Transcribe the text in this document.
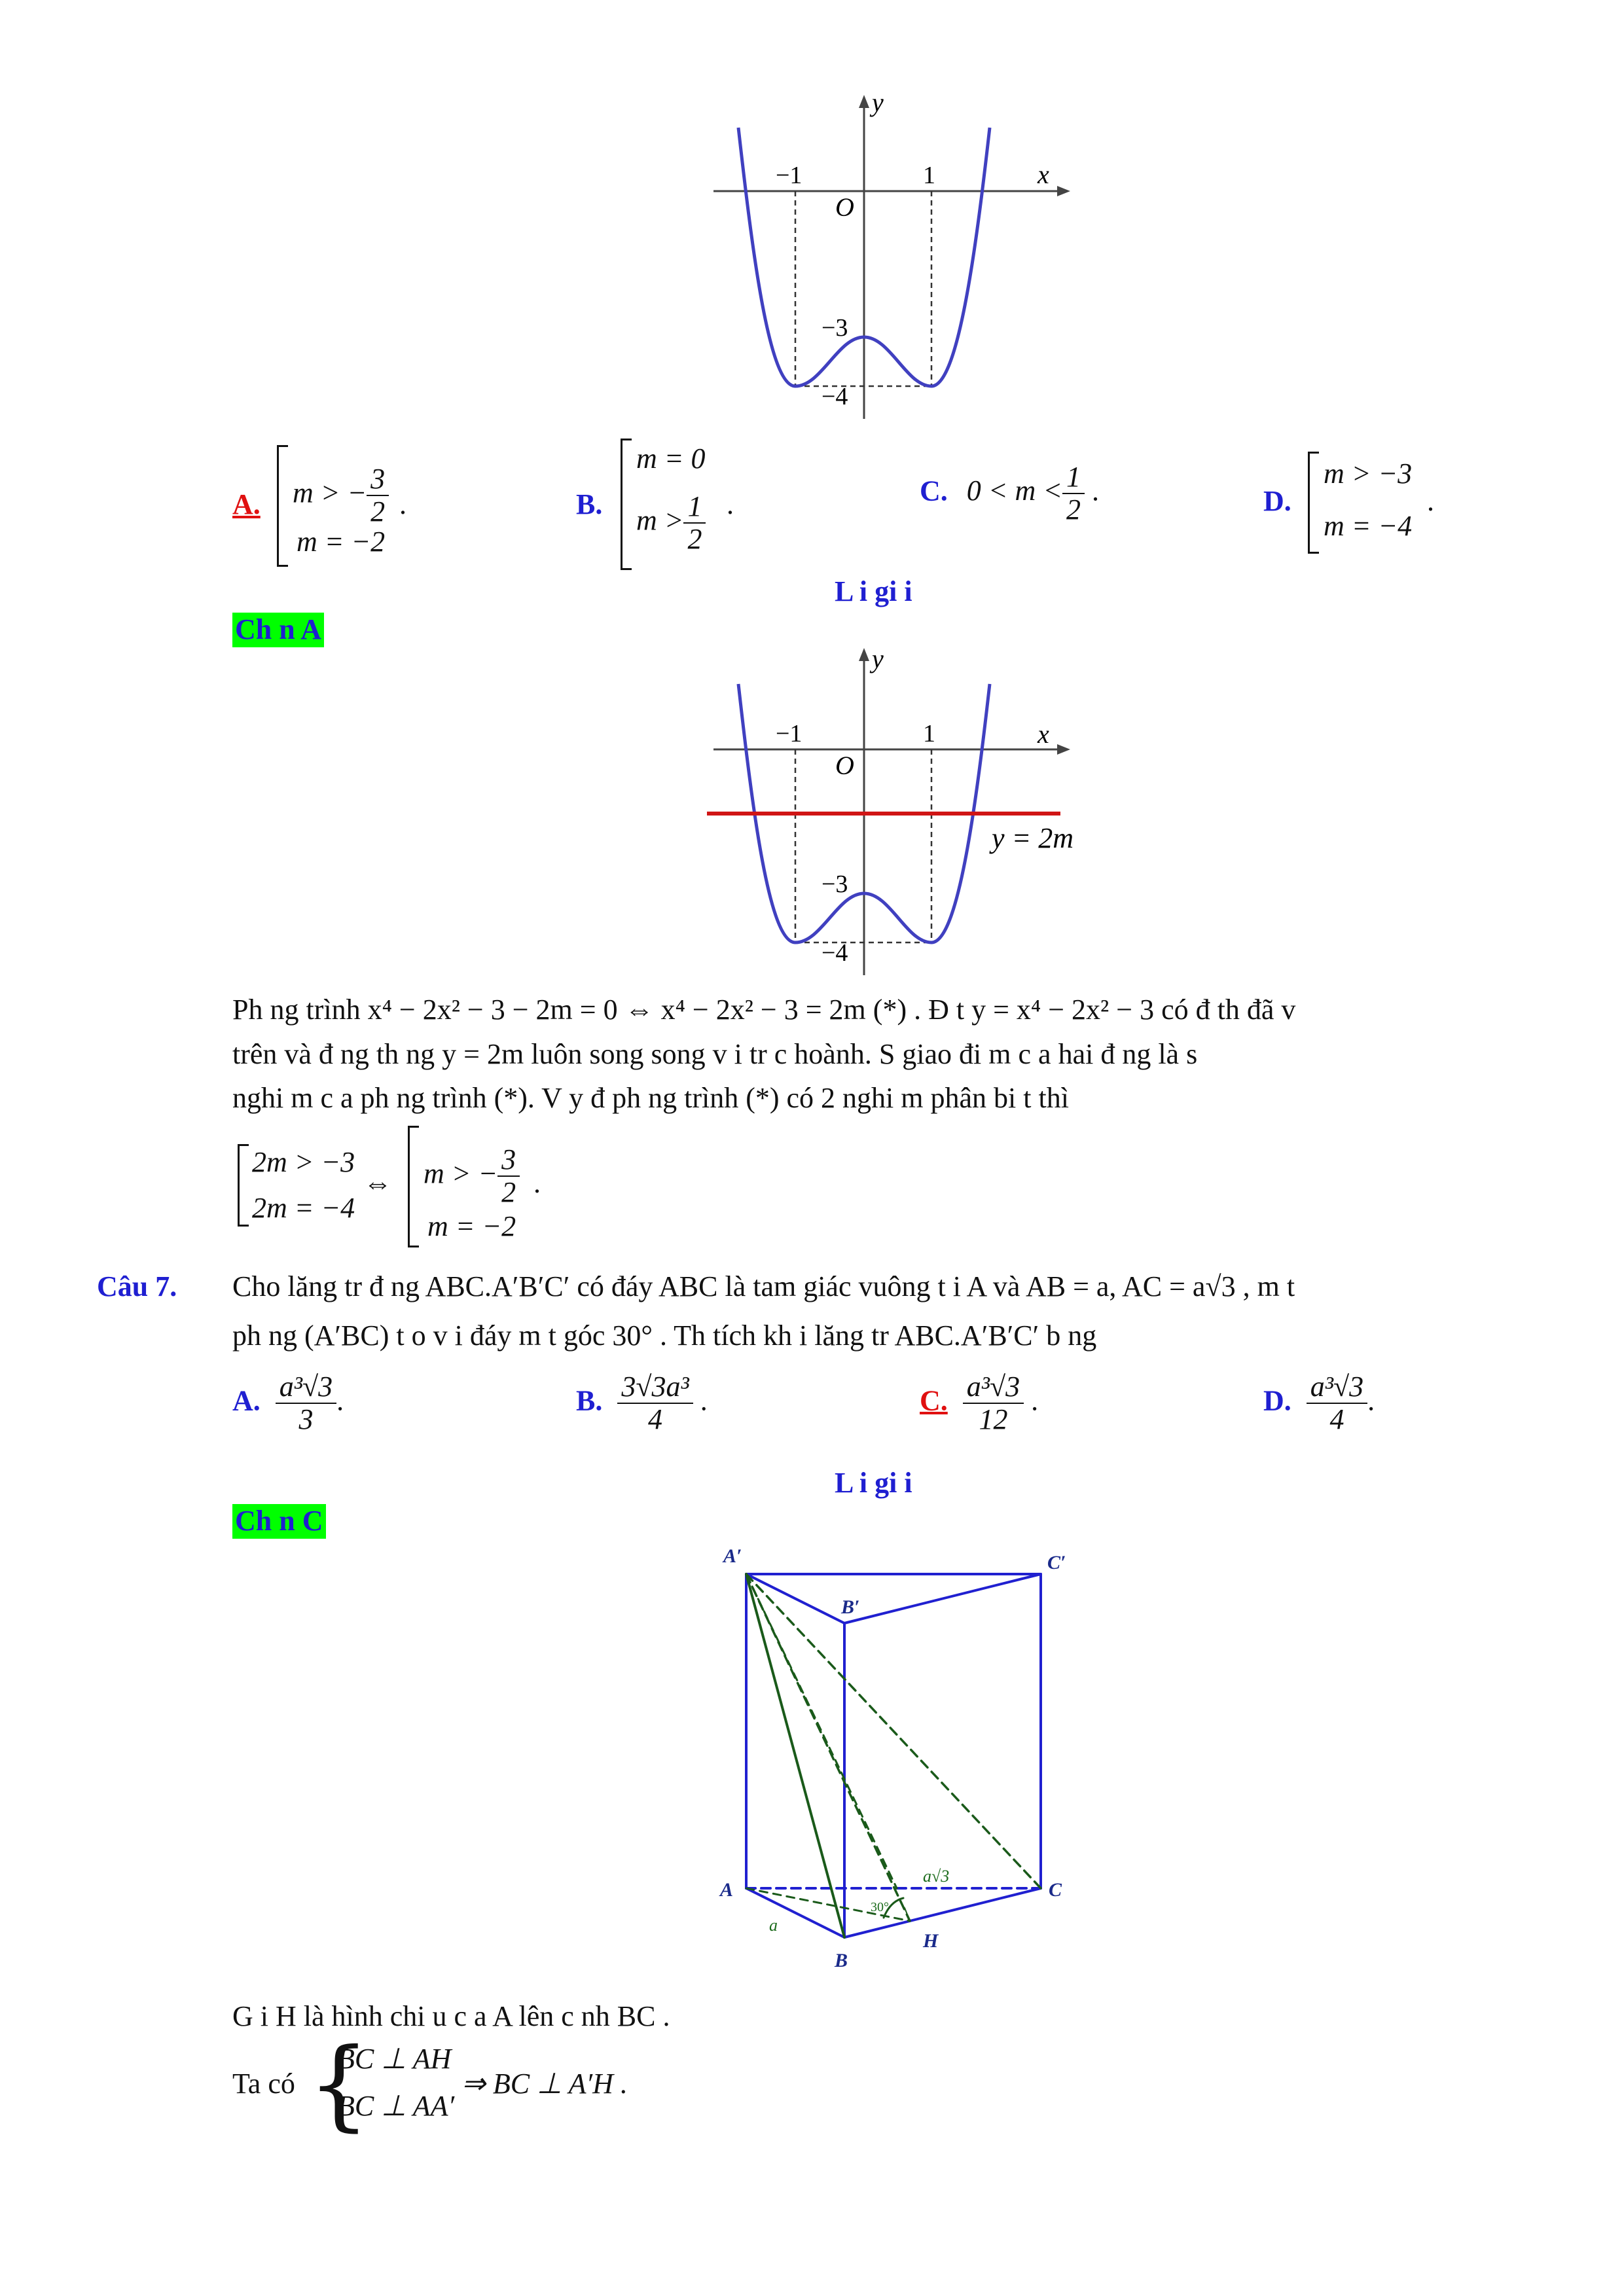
y
x
O
−1	1
−3
−4
A. m > − $\frac{3}{2}$
m = −2
.	B.
m = 0
$m > \frac{1}{2}$ .	C. $0 < m < \frac{1}{2}$ .	D.
m > −3
m = −4
.
L i gi i
Ch n A
y
x
O
−1	1
−3
−4
y = 2m
Ph ng trình x⁴ − 2x² − 3 − 2m = 0 ⇔ x⁴ − 2x² − 3 = 2m (*) . Đ t y = x⁴ − 2x² − 3 có đ th đã v
trên và đ ng th ng y = 2m luôn song song v i tr c hoành. S giao đi m c a hai đ ng là s
nghi m c a ph ng trình (*). V y đ ph ng trình (*) có 2 nghi m phân bi t thì
2m > −3
2m = −4
⇔ m > − $\frac{3}{2}$
m = −2
.
Câu 7. Cho lăng tr đ ng ABC.A′B′C′ có đáy ABC là tam giác vuông t i A và AB = a, AC = a√3 , m t
ph ng (A′BC) t o v i đáy m t góc 30° . Th tích kh i lăng tr ABC.A′B′C′ b ng
A. $\frac{\text{a³√3}}{3}$ .	B. $\frac{\text{3√3a³}}{4}$ .	C. $\frac{\text{a³√3}}{12}$ .	D. $\frac{\text{a³√3}}{4}$ .
L i gi i
Ch n C
A′
B′
C′
A
B
C
H
a√3
a
30°
G i H là hình chi u c a A lên c nh BC .
Ta có {
BC ⊥ AH
BC ⊥ AA′
⇒ BC ⊥ A′H .
